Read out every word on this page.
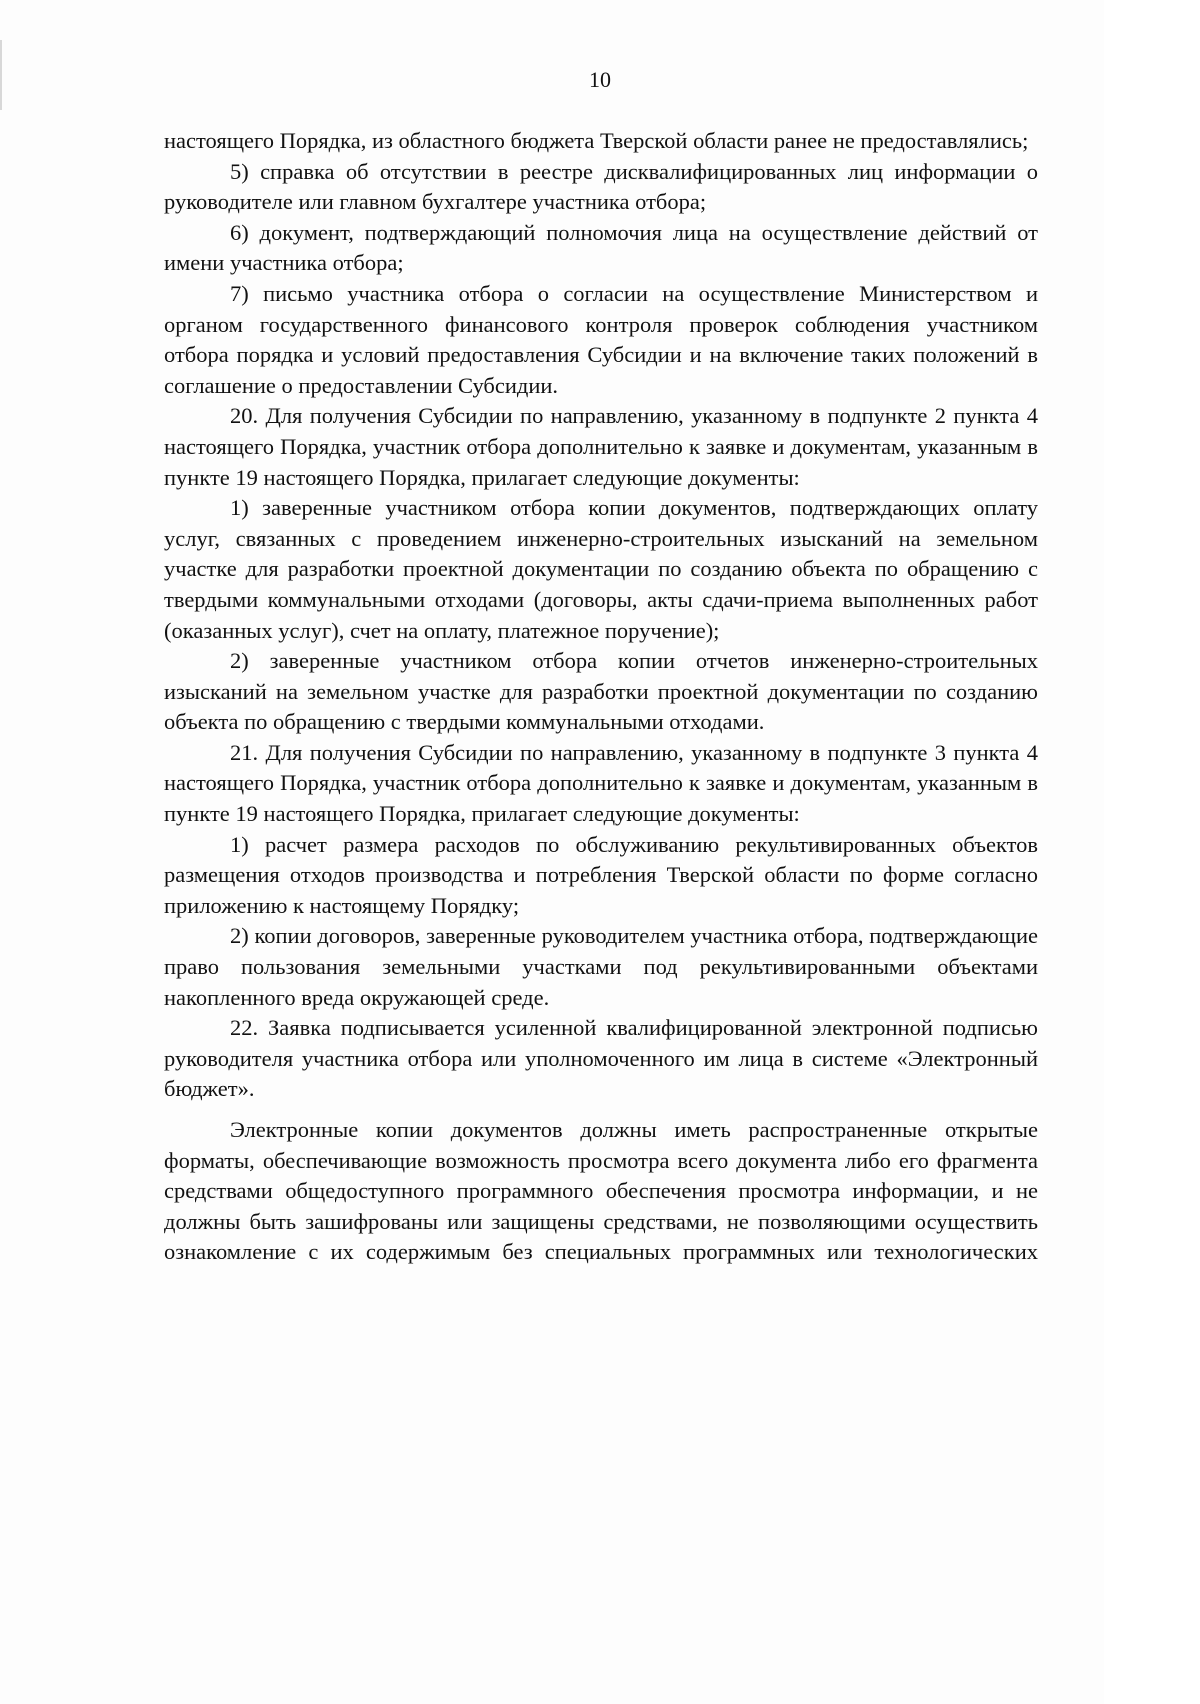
10

настоящего Порядка, из областного бюджета Тверской области ранее не предоставлялись;

5) справка об отсутствии в реестре дисквалифицированных лиц информации о руководителе или главном бухгалтере участника отбора;

6) документ, подтверждающий полномочия лица на осуществление действий от имени участника отбора;

7) письмо участника отбора о согласии на осуществление Министерством и органом государственного финансового контроля проверок соблюдения участником отбора порядка и условий предоставления Субсидии и на включение таких положений в соглашение о предоставлении Субсидии.

20. Для получения Субсидии по направлению, указанному в подпункте 2 пункта 4 настоящего Порядка, участник отбора дополнительно к заявке и документам, указанным в пункте 19 настоящего Порядка, прилагает следующие документы:

1) заверенные участником отбора копии документов, подтверждающих оплату услуг, связанных с проведением инженерно-строительных изысканий на земельном участке для разработки проектной документации по созданию объекта по обращению с твердыми коммунальными отходами (договоры, акты сдачи-приема выполненных работ (оказанных услуг), счет на оплату, платежное поручение);

2) заверенные участником отбора копии отчетов инженерно-строительных изысканий на земельном участке для разработки проектной документации по созданию объекта по обращению с твердыми коммунальными отходами.

21. Для получения Субсидии по направлению, указанному в подпункте 3 пункта 4 настоящего Порядка, участник отбора дополнительно к заявке и документам, указанным в пункте 19 настоящего Порядка, прилагает следующие документы:

1) расчет размера расходов по обслуживанию рекультивированных объектов размещения отходов производства и потребления Тверской области по форме согласно приложению к настоящему Порядку;

2) копии договоров, заверенные руководителем участника отбора, подтверждающие право пользования земельными участками под рекультивированными объектами накопленного вреда окружающей среде.

22. Заявка подписывается усиленной квалифицированной электронной подписью руководителя участника отбора или уполномоченного им лица в системе «Электронный бюджет».

Электронные копии документов должны иметь распространенные открытые форматы, обеспечивающие возможность просмотра всего документа либо его фрагмента средствами общедоступного программного обеспечения просмотра информации, и не должны быть зашифрованы или защищены средствами, не позволяющими осуществить ознакомление с их содержимым без специальных программных или технологических
